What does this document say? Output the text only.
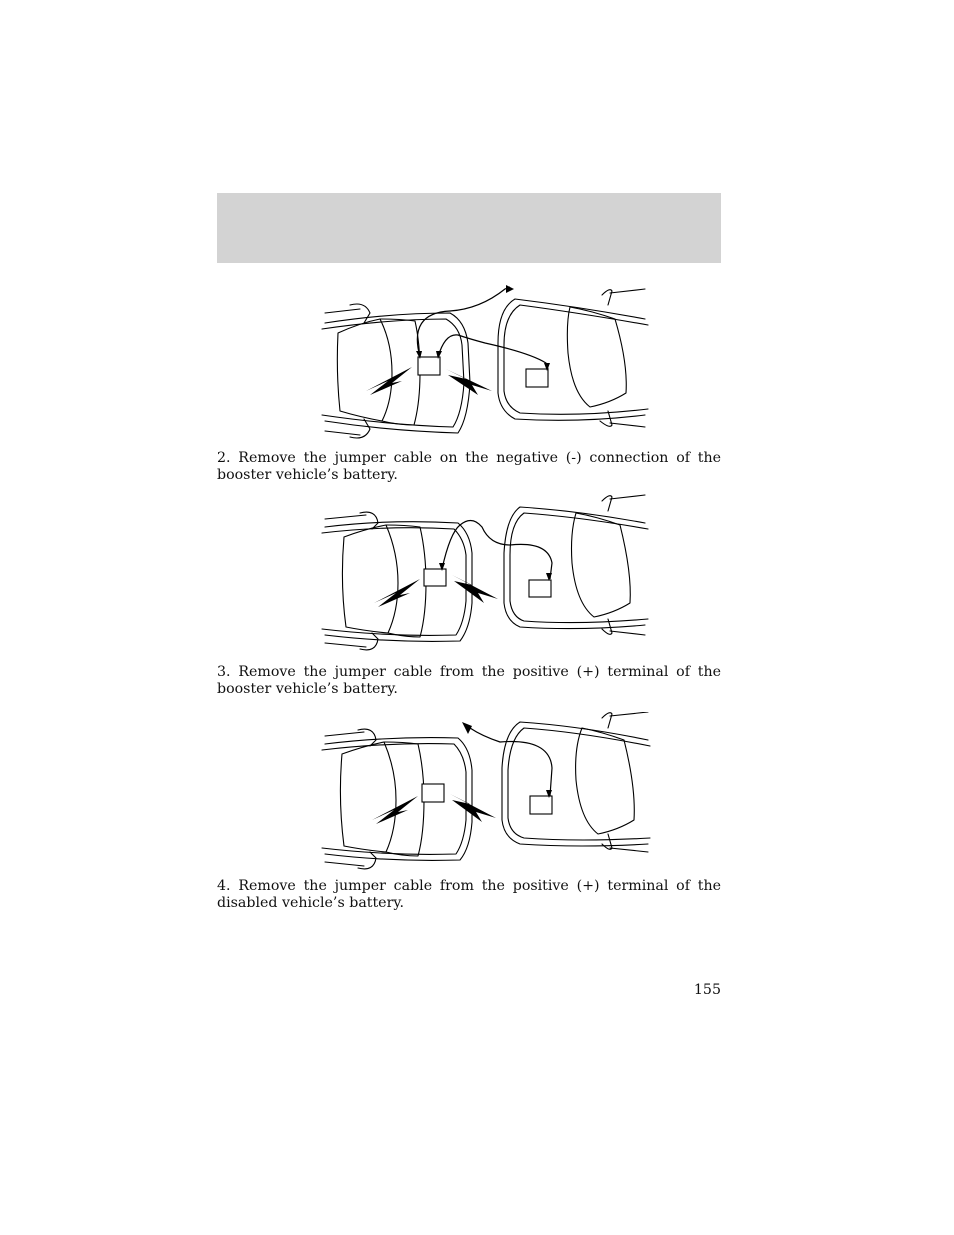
2. Remove the jumper cable on the negative (-) connection of the booster vehicle’s battery.

3. Remove the jumper cable from the positive (+) terminal of the booster vehicle’s battery.

4. Remove the jumper cable from the positive (+) terminal of the disabled vehicle’s battery.

155
